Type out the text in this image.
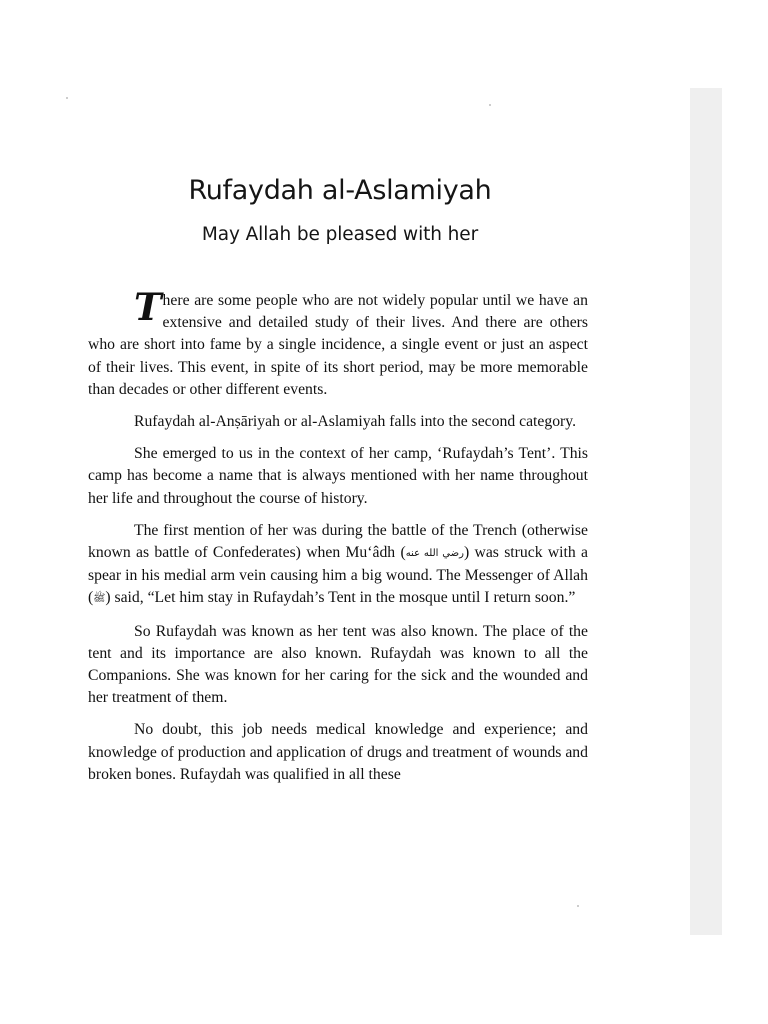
Rufaydah al-Aslamiyah
May Allah be pleased with her

There are some people who are not widely popular until we have an extensive and detailed study of their lives. And there are others who are short into fame by a single incidence, a single event or just an aspect of their lives. This event, in spite of its short period, may be more memorable than decades or other different events.

Rufaydah al-Anṣāriyah or al-Aslamiyah falls into the second category.

She emerged to us in the context of her camp, ‘Rufaydah’s Tent’. This camp has become a name that is always mentioned with her name throughout her life and throughout the course of history.

The first mention of her was during the battle of the Trench (otherwise known as battle of Confederates) when Mu‘âdh (رضي الله عنه) was struck with a spear in his medial arm vein causing him a big wound. The Messenger of Allah (ﷺ) said, “Let him stay in Rufaydah’s Tent in the mosque until I return soon.”

So Rufaydah was known as her tent was also known. The place of the tent and its importance are also known. Rufaydah was known to all the Companions. She was known for her caring for the sick and the wounded and her treatment of them.

No doubt, this job needs medical knowledge and experience; and knowledge of production and application of drugs and treatment of wounds and broken bones. Rufaydah was qualified in all these
